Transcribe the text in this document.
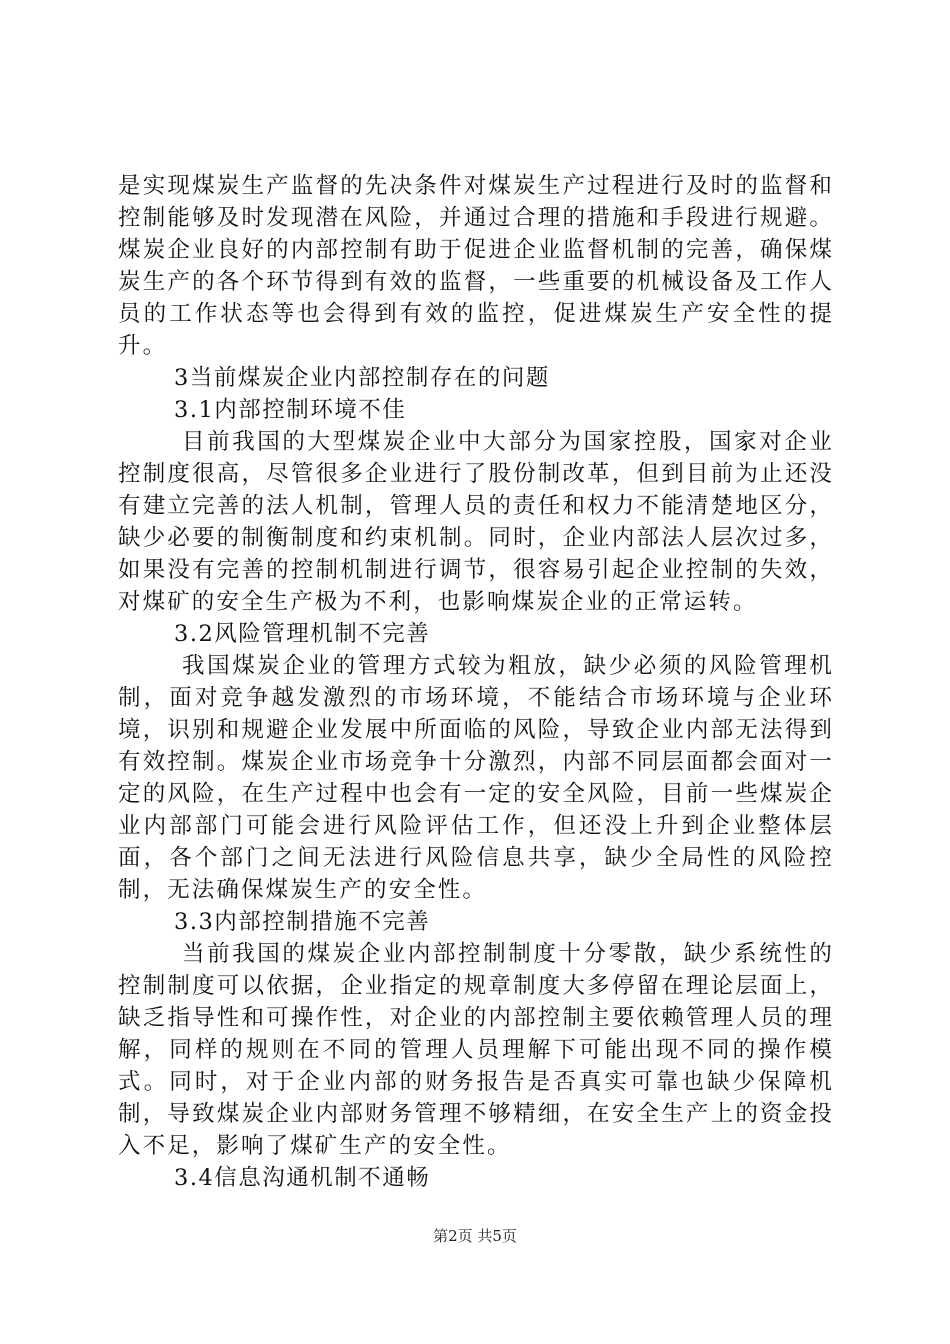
是实现煤炭生产监督的先决条件对煤炭生产过程进行及时的监督和控制能够及时发现潜在风险，并通过合理的措施和手段进行规避。煤炭企业良好的内部控制有助于促进企业监督机制的完善，确保煤炭生产的各个环节得到有效的监督，一些重要的机械设备及工作人员的工作状态等也会得到有效的监控，促进煤炭生产安全性的提升。

3当前煤炭企业内部控制存在的问题

3.1内部控制环境不佳

目前我国的大型煤炭企业中大部分为国家控股，国家对企业控制度很高，尽管很多企业进行了股份制改革，但到目前为止还没有建立完善的法人机制，管理人员的责任和权力不能清楚地区分，缺少必要的制衡制度和约束机制。同时，企业内部法人层次过多，如果没有完善的控制机制进行调节，很容易引起企业控制的失效，对煤矿的安全生产极为不利，也影响煤炭企业的正常运转。

3.2风险管理机制不完善

我国煤炭企业的管理方式较为粗放，缺少必须的风险管理机制，面对竞争越发激烈的市场环境，不能结合市场环境与企业环境，识别和规避企业发展中所面临的风险，导致企业内部无法得到有效控制。煤炭企业市场竞争十分激烈，内部不同层面都会面对一定的风险，在生产过程中也会有一定的安全风险，目前一些煤炭企业内部部门可能会进行风险评估工作，但还没上升到企业整体层面，各个部门之间无法进行风险信息共享，缺少全局性的风险控制，无法确保煤炭生产的安全性。

3.3内部控制措施不完善

当前我国的煤炭企业内部控制制度十分零散，缺少系统性的控制制度可以依据，企业指定的规章制度大多停留在理论层面上，缺乏指导性和可操作性，对企业的内部控制主要依赖管理人员的理解，同样的规则在不同的管理人员理解下可能出现不同的操作模式。同时，对于企业内部的财务报告是否真实可靠也缺少保障机制，导致煤炭企业内部财务管理不够精细，在安全生产上的资金投入不足，影响了煤矿生产的安全性。

3.4信息沟通机制不通畅

第2页 共5页
